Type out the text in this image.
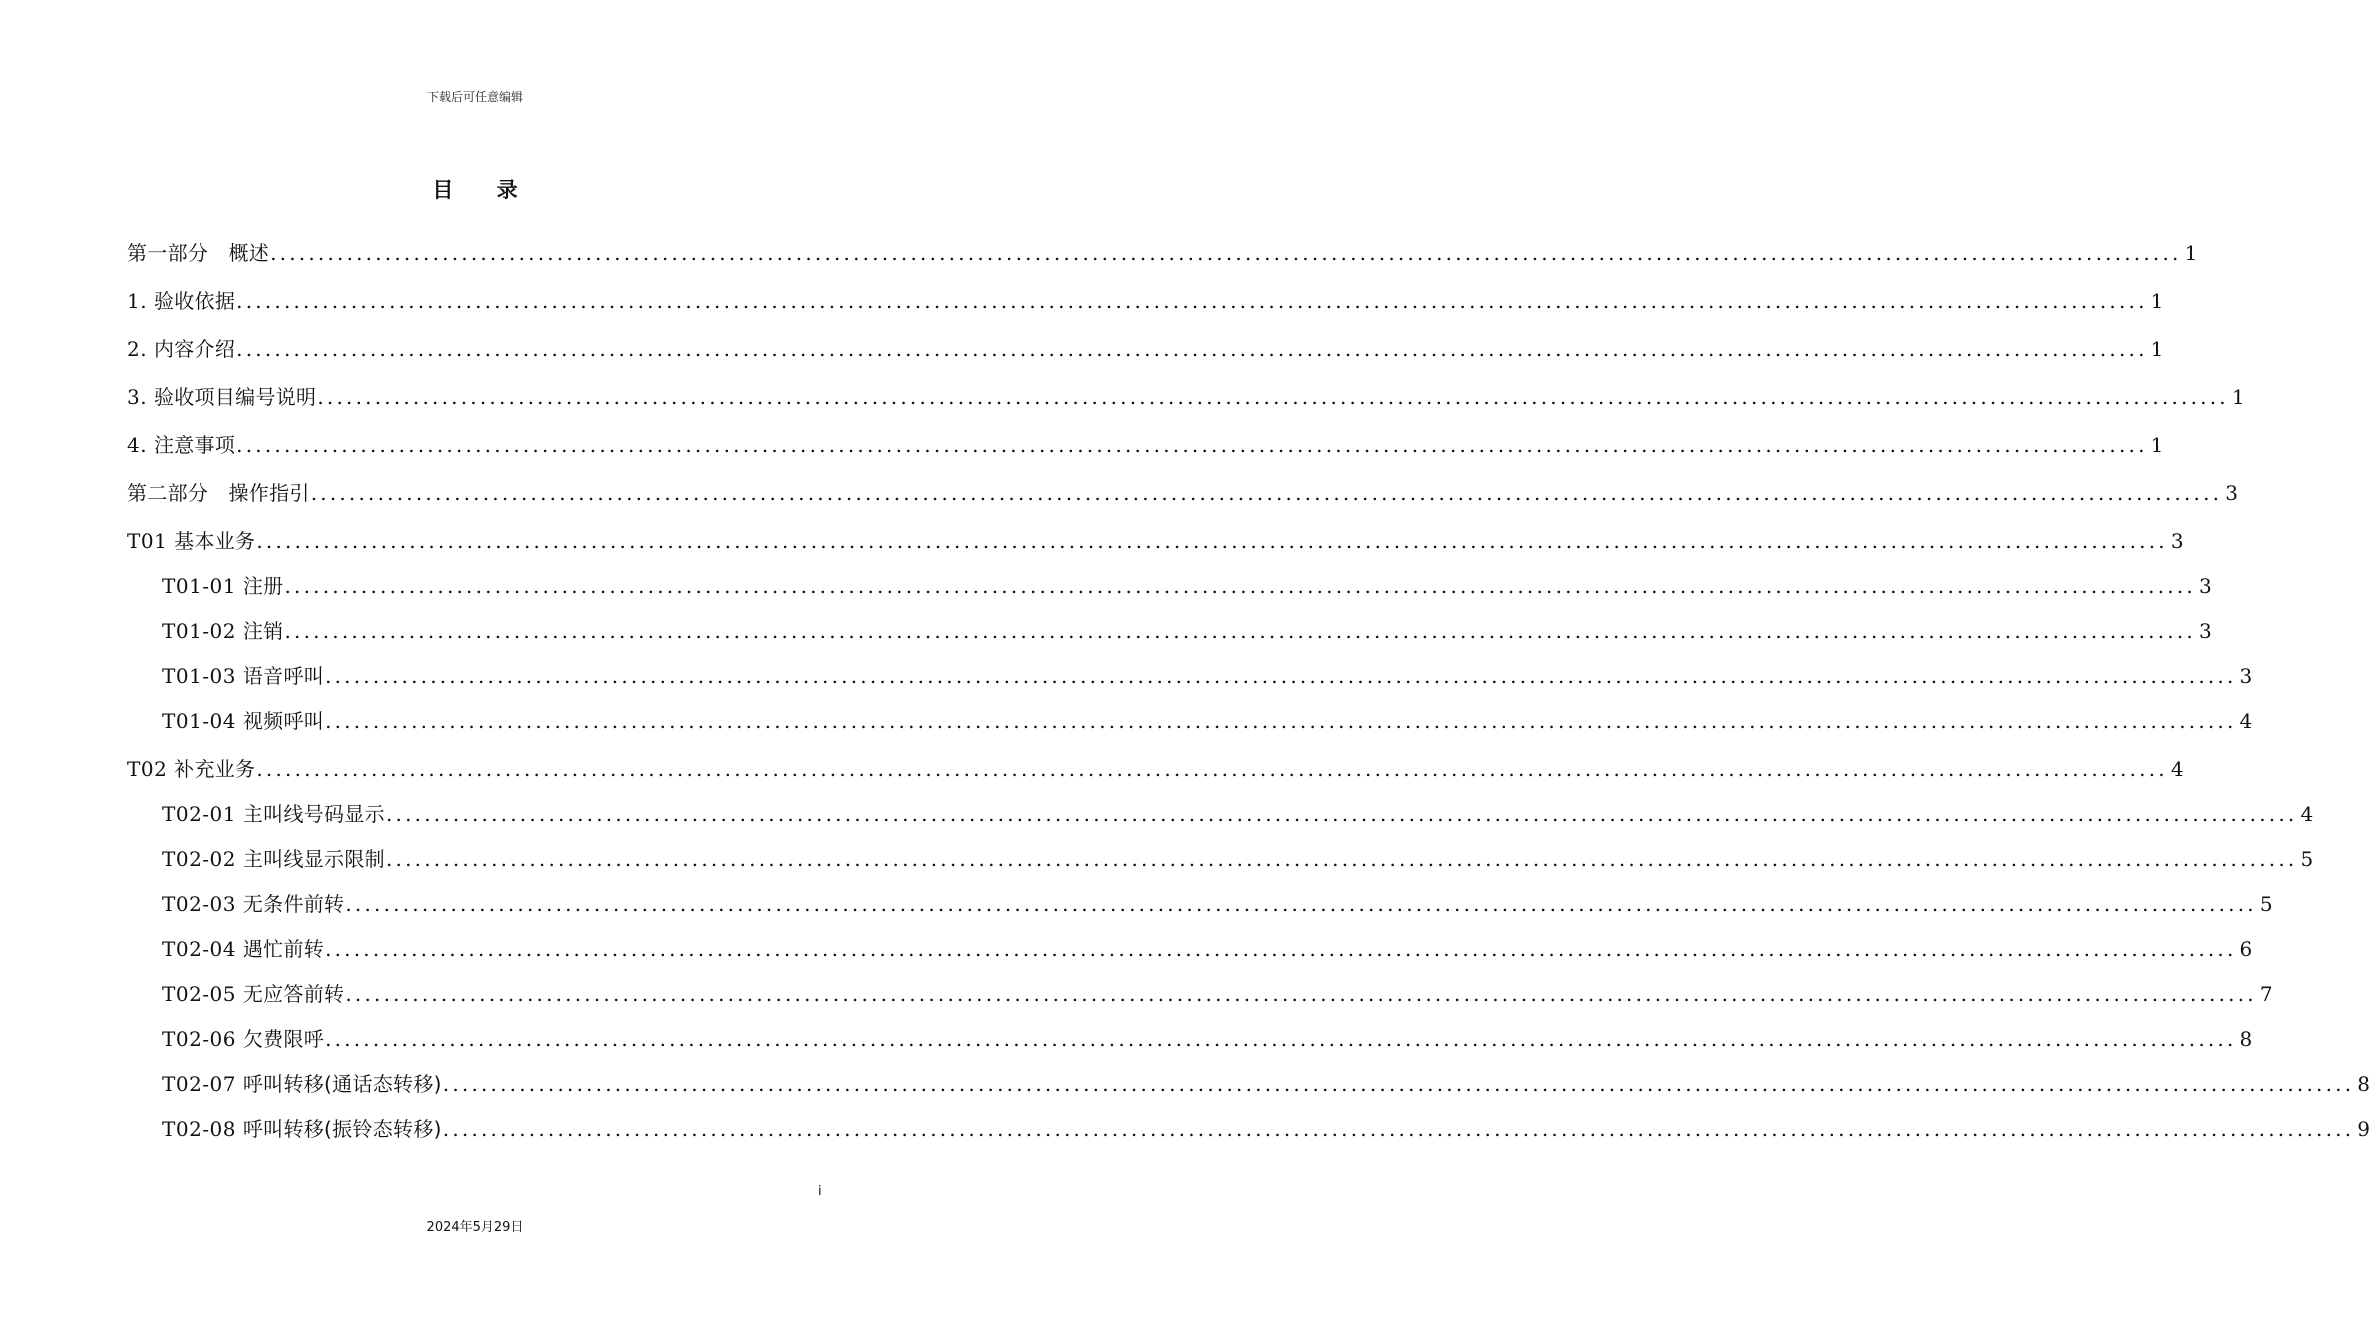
下载后可任意编辑
目 录
第一部分　概述 ........................................................................................................................................................................................................ 1
1. 验收依据 ........................................................................................................................................................................................................ 1
2. 内容介绍 ........................................................................................................................................................................................................ 1
3. 验收项目编号说明 ........................................................................................................................................................................................................ 1
4. 注意事项 ........................................................................................................................................................................................................ 1
第二部分　操作指引 ........................................................................................................................................................................................................ 3
T01 基本业务 ........................................................................................................................................................................................................ 3
T01-01 注册 ........................................................................................................................................................................................................ 3
T01-02 注销 ........................................................................................................................................................................................................ 3
T01-03 语音呼叫 ........................................................................................................................................................................................................ 3
T01-04 视频呼叫 ........................................................................................................................................................................................................ 4
T02 补充业务 ........................................................................................................................................................................................................ 4
T02-01 主叫线号码显示 ........................................................................................................................................................................................................ 4
T02-02 主叫线显示限制 ........................................................................................................................................................................................................ 5
T02-03 无条件前转 ........................................................................................................................................................................................................ 5
T02-04 遇忙前转 ........................................................................................................................................................................................................ 6
T02-05 无应答前转 ........................................................................................................................................................................................................ 7
T02-06 欠费限呼 ........................................................................................................................................................................................................ 8
T02-07 呼叫转移(通话态转移) ........................................................................................................................................................................................................ 8
T02-08 呼叫转移(振铃态转移) ........................................................................................................................................................................................................ 9
i
2024年5月29日
